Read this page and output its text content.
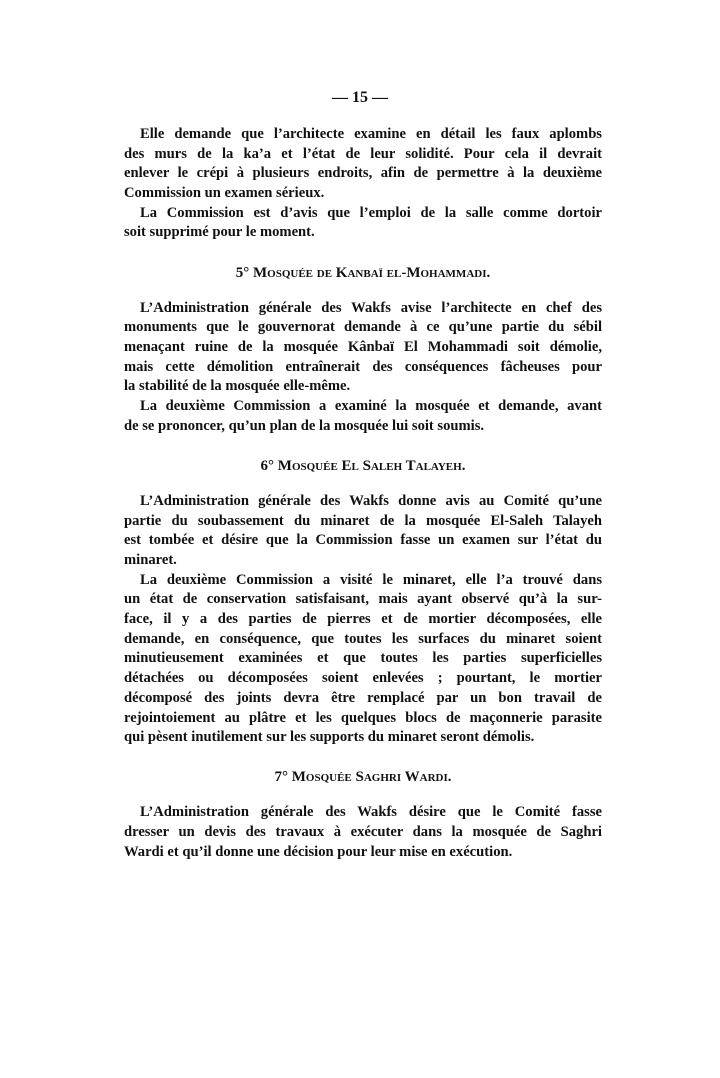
— 15 —
Elle demande que l’architecte examine en détail les faux aplombs
des murs de la ka’a et l’état de leur solidité. Pour cela il devrait
enlever le crépi à plusieurs endroits, afin de permettre à la deuxième
Commission un examen sérieux.
La Commission est d’avis que l’emploi de la salle comme dortoir
soit supprimé pour le moment.
5° Mosquée de Kanbaï el-Mohammadi.
L’Administration générale des Wakfs avise l’architecte en chef des
monuments que le gouvernorat demande à ce qu’une partie du sébil
menaçant ruine de la mosquée Kânbaï El Mohammadi soit démolie,
mais cette démolition entraînerait des conséquences fâcheuses pour
la stabilité de la mosquée elle-même.
La deuxième Commission a examiné la mosquée et demande, avant
de se prononcer, qu’un plan de la mosquée lui soit soumis.
6° Mosquée El Saleh Talayeh.
L’Administration générale des Wakfs donne avis au Comité qu’une
partie du soubassement du minaret de la mosquée El-Saleh Talayeh
est tombée et désire que la Commission fasse un examen sur l’état du
minaret.
La deuxième Commission a visité le minaret, elle l’a trouvé dans
un état de conservation satisfaisant, mais ayant observé qu’à la sur-
face, il y a des parties de pierres et de mortier décomposées, elle
demande, en conséquence, que toutes les surfaces du minaret soient
minutieusement examinées et que toutes les parties superficielles
détachées ou décomposées soient enlevées ; pourtant, le mortier
décomposé des joints devra être remplacé par un bon travail de
rejointoiement au plâtre et les quelques blocs de maçonnerie parasite
qui pèsent inutilement sur les supports du minaret seront démolis.
7° Mosquée Saghri Wardi.
L’Administration générale des Wakfs désire que le Comité fasse
dresser un devis des travaux à exécuter dans la mosquée de Saghri
Wardi et qu’il donne une décision pour leur mise en exécution.
